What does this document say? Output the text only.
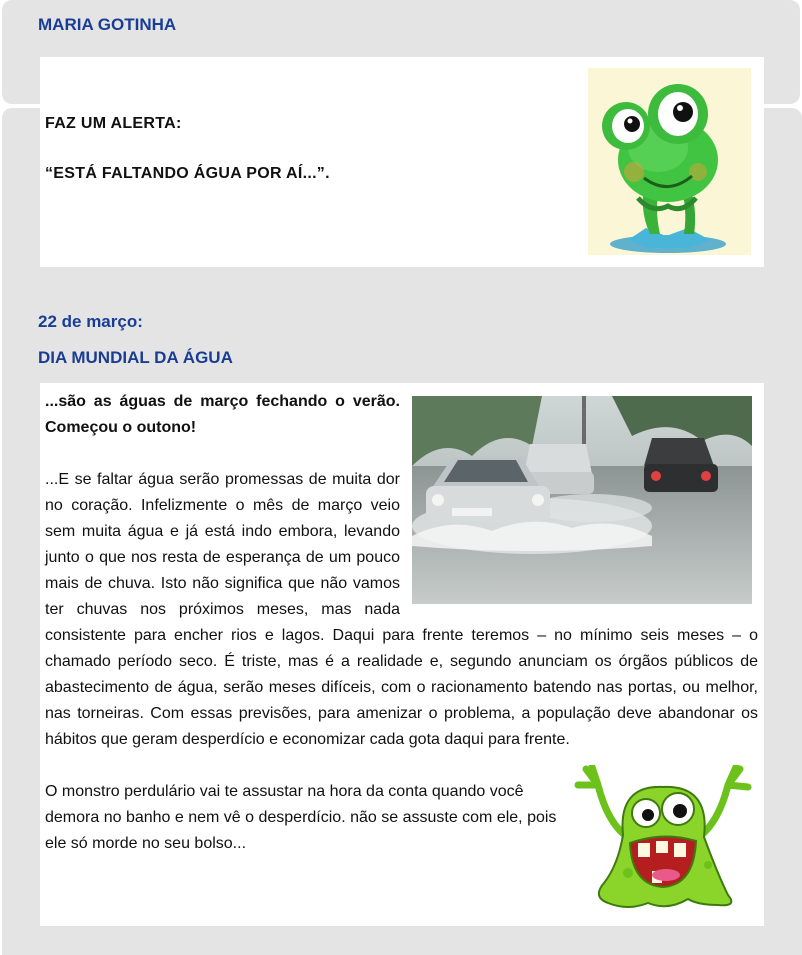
MARIA GOTINHA

FAZ UM ALERTA:

“ESTÁ FALTANDO ÁGUA POR AÍ...”.

22 de março:
DIA MUNDIAL DA ÁGUA

...são as águas de março fechando o verão. Começou o outono!

...E se faltar água serão promessas de muita dor no coração. Infelizmente o mês de março veio sem muita água e já está indo embora, levando junto o que nos resta de esperança de um pouco mais de chuva. Isto não significa que não vamos ter chuvas nos próximos meses, mas nada consistente para encher rios e lagos. Daqui para frente teremos – no mínimo seis meses – o chamado período seco. É triste, mas é a realidade e, segundo anunciam os órgãos públicos de abastecimento de água, serão meses difíceis, com o racionamento batendo nas portas, ou melhor, nas torneiras. Com essas previsões, para amenizar o problema, a população deve abandonar os hábitos que geram desperdício e economizar cada gota daqui para frente.

O monstro perdulário vai te assustar na hora da conta quando você demora no banho e nem vê o desperdício. não se assuste com ele, pois ele só morde no seu bolso...
